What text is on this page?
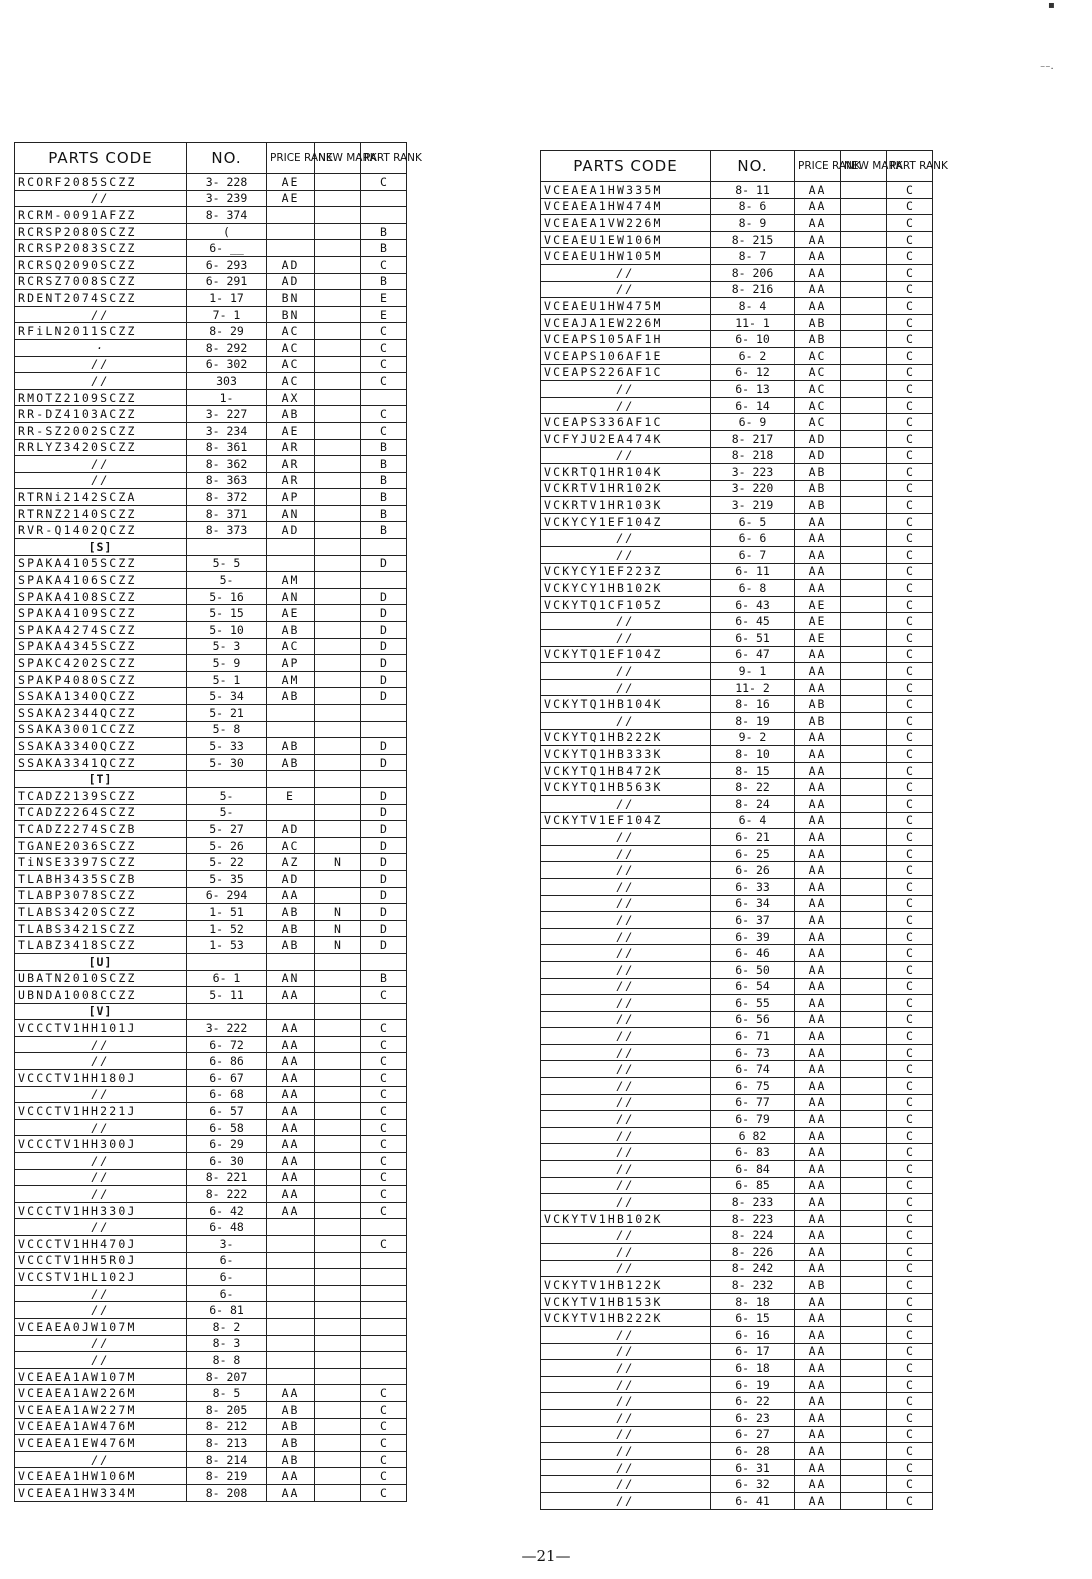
PARTS CODE	NO.	PRICE RANK	NEW MARK	PART RANK	
RCORF2085SCZZ	3- 228	AE		C	
//	3- 239	AE			
RCRM-0091AFZZ	8- 374				
RCRSP2080SCZZ	(			B	
RCRSP2083SCZZ	6- __			B	
RCRSQ2090SCZZ	6- 293	AD		C	
RCRSZ7008SCZZ	6- 291	AD		B	
RDENT2074SCZZ	1- 17	BN		E	
//	7- 1	BN		E	
RFiLN2011SCZZ	8- 29	AC		C	
·	8- 292	AC		C	
//	6- 302	AC		C	
//	303	AC		C	
RMOTZ2109SCZZ	1-	AX			
RR-DZ4103ACZZ	3- 227	AB		C	
RR-SZ2002SCZZ	3- 234	AE		C	
RRLYZ3420SCZZ	8- 361	AR		B	
//	8- 362	AR		B	
//	8- 363	AR		B	
RTRNi2142SCZA	8- 372	AP		B	
RTRNZ2140SCZZ	8- 371	AN		B	
RVR-Q1402QCZZ	8- 373	AD		B	
[S]					
SPAKA4105SCZZ	5- 5			D	
SPAKA4106SCZZ	5-	AM			
SPAKA4108SCZZ	5- 16	AN		D	
SPAKA4109SCZZ	5- 15	AE		D	
SPAKA4274SCZZ	5- 10	AB		D	
SPAKA4345SCZZ	5- 3	AC		D	
SPAKC4202SCZZ	5- 9	AP		D	
SPAKP4080SCZZ	5- 1	AM		D	
SSAKA1340QCZZ	5- 34	AB		D	
SSAKA2344QCZZ	5- 21				
SSAKA3001CCZZ	5- 8				
SSAKA3340QCZZ	5- 33	AB		D	
SSAKA3341QCZZ	5- 30	AB		D	
[T]					
TCADZ2139SCZZ	5-	E		D	
TCADZ2264SCZZ	5-			D	
TCADZ2274SCZB	5- 27	AD		D	
TGANE2036SCZZ	5- 26	AC		D	
TiNSE3397SCZZ	5- 22	AZ	N	D	
TLABH3435SCZB	5- 35	AD		D	
TLABP3078SCZZ	6- 294	AA		D	
TLABS3420SCZZ	1- 51	AB	N	D	
TLABS3421SCZZ	1- 52	AB	N	D	
TLABZ3418SCZZ	1- 53	AB	N	D	
[U]					
UBATN2010SCZZ	6- 1	AN		B	
UBNDA1008CCZZ	5- 11	AA		C	
[V]					
VCCCTV1HH101J	3- 222	AA		C	
//	6- 72	AA		C	
//	6- 86	AA		C	
VCCCTV1HH180J	6- 67	AA		C	
//	6- 68	AA		C	
VCCCTV1HH221J	6- 57	AA		C	
//	6- 58	AA		C	
VCCCTV1HH300J	6- 29	AA		C	
//	6- 30	AA		C	
//	8- 221	AA		C	
//	8- 222	AA		C	
VCCCTV1HH330J	6- 42	AA		C	
//	6- 48				
VCCCTV1HH470J	3-			C	
VCCCTV1HH5R0J	6-				
VCCSTV1HL102J	6-				
//	6-				
//	6- 81				
VCEAEA0JW107M	8- 2				
//	8- 3				
//	8- 8				
VCEAEA1AW107M	8- 207				
VCEAEA1AW226M	8- 5	AA		C	
VCEAEA1AW227M	8- 205	AB		C	
VCEAEA1AW476M	8- 212	AB		C	
VCEAEA1EW476M	8- 213	AB		C	
//	8- 214	AB		C	
VCEAEA1HW106M	8- 219	AA		C	
VCEAEA1HW334M	8- 208	AA		C	
PARTS CODE	NO.	PRICE RANK	NEW MARK	PART RANK	
VCEAEA1HW335M	8- 11	AA		C	
VCEAEA1HW474M	8- 6	AA		C	
VCEAEA1VW226M	8- 9	AA		C	
VCEAEU1EW106M	8- 215	AA		C	
VCEAEU1HW105M	8- 7	AA		C	
//	8- 206	AA		C	
//	8- 216	AA		C	
VCEAEU1HW475M	8- 4	AA		C	
VCEAJA1EW226M	11- 1	AB		C	
VCEAPS105AF1H	6- 10	AB		C	
VCEAPS106AF1E	6- 2	AC		C	
VCEAPS226AF1C	6- 12	AC		C	
//	6- 13	AC		C	
//	6- 14	AC		C	
VCEAPS336AF1C	6- 9	AC		C	
VCFYJU2EA474K	8- 217	AD		C	
//	8- 218	AD		C	
VCKRTQ1HR104K	3- 223	AB		C	
VCKRTV1HR102K	3- 220	AB		C	
VCKRTV1HR103K	3- 219	AB		C	
VCKYCY1EF104Z	6- 5	AA		C	
//	6- 6	AA		C	
//	6- 7	AA		C	
VCKYCY1EF223Z	6- 11	AA		C	
VCKYCY1HB102K	6- 8	AA		C	
VCKYTQ1CF105Z	6- 43	AE		C	
//	6- 45	AE		C	
//	6- 51	AE		C	
VCKYTQ1EF104Z	6- 47	AA		C	
//	9- 1	AA		C	
//	11- 2	AA		C	
VCKYTQ1HB104K	8- 16	AB		C	
//	8- 19	AB		C	
VCKYTQ1HB222K	9- 2	AA		C	
VCKYTQ1HB333K	8- 10	AA		C	
VCKYTQ1HB472K	8- 15	AA		C	
VCKYTQ1HB563K	8- 22	AA		C	
//	8- 24	AA		C	
VCKYTV1EF104Z	6- 4	AA		C	
//	6- 21	AA		C	
//	6- 25	AA		C	
//	6- 26	AA		C	
//	6- 33	AA		C	
//	6- 34	AA		C	
//	6- 37	AA		C	
//	6- 39	AA		C	
//	6- 46	AA		C	
//	6- 50	AA		C	
//	6- 54	AA		C	
//	6- 55	AA		C	
//	6- 56	AA		C	
//	6- 71	AA		C	
//	6- 73	AA		C	
//	6- 74	AA		C	
//	6- 75	AA		C	
//	6- 77	AA		C	
//	6- 79	AA		C	
//	6 82	AA		C	
//	6- 83	AA		C	
//	6- 84	AA		C	
//	6- 85	AA		C	
//	8- 233	AA		C	
VCKYTV1HB102K	8- 223	AA		C	
//	8- 224	AA		C	
//	8- 226	AA		C	
//	8- 242	AA		C	
VCKYTV1HB122K	8- 232	AB		C	
VCKYTV1HB153K	8- 18	AA		C	
VCKYTV1HB222K	6- 15	AA		C	
//	6- 16	AA		C	
//	6- 17	AA		C	
//	6- 18	AA		C	
//	6- 19	AA		C	
//	6- 22	AA		C	
//	6- 23	AA		C	
//	6- 27	AA		C	
//	6- 28	AA		C	
//	6- 31	AA		C	
//	6- 32	AA		C	
//	6- 41	AA		C	
—21—
▪
⁻⁻·
